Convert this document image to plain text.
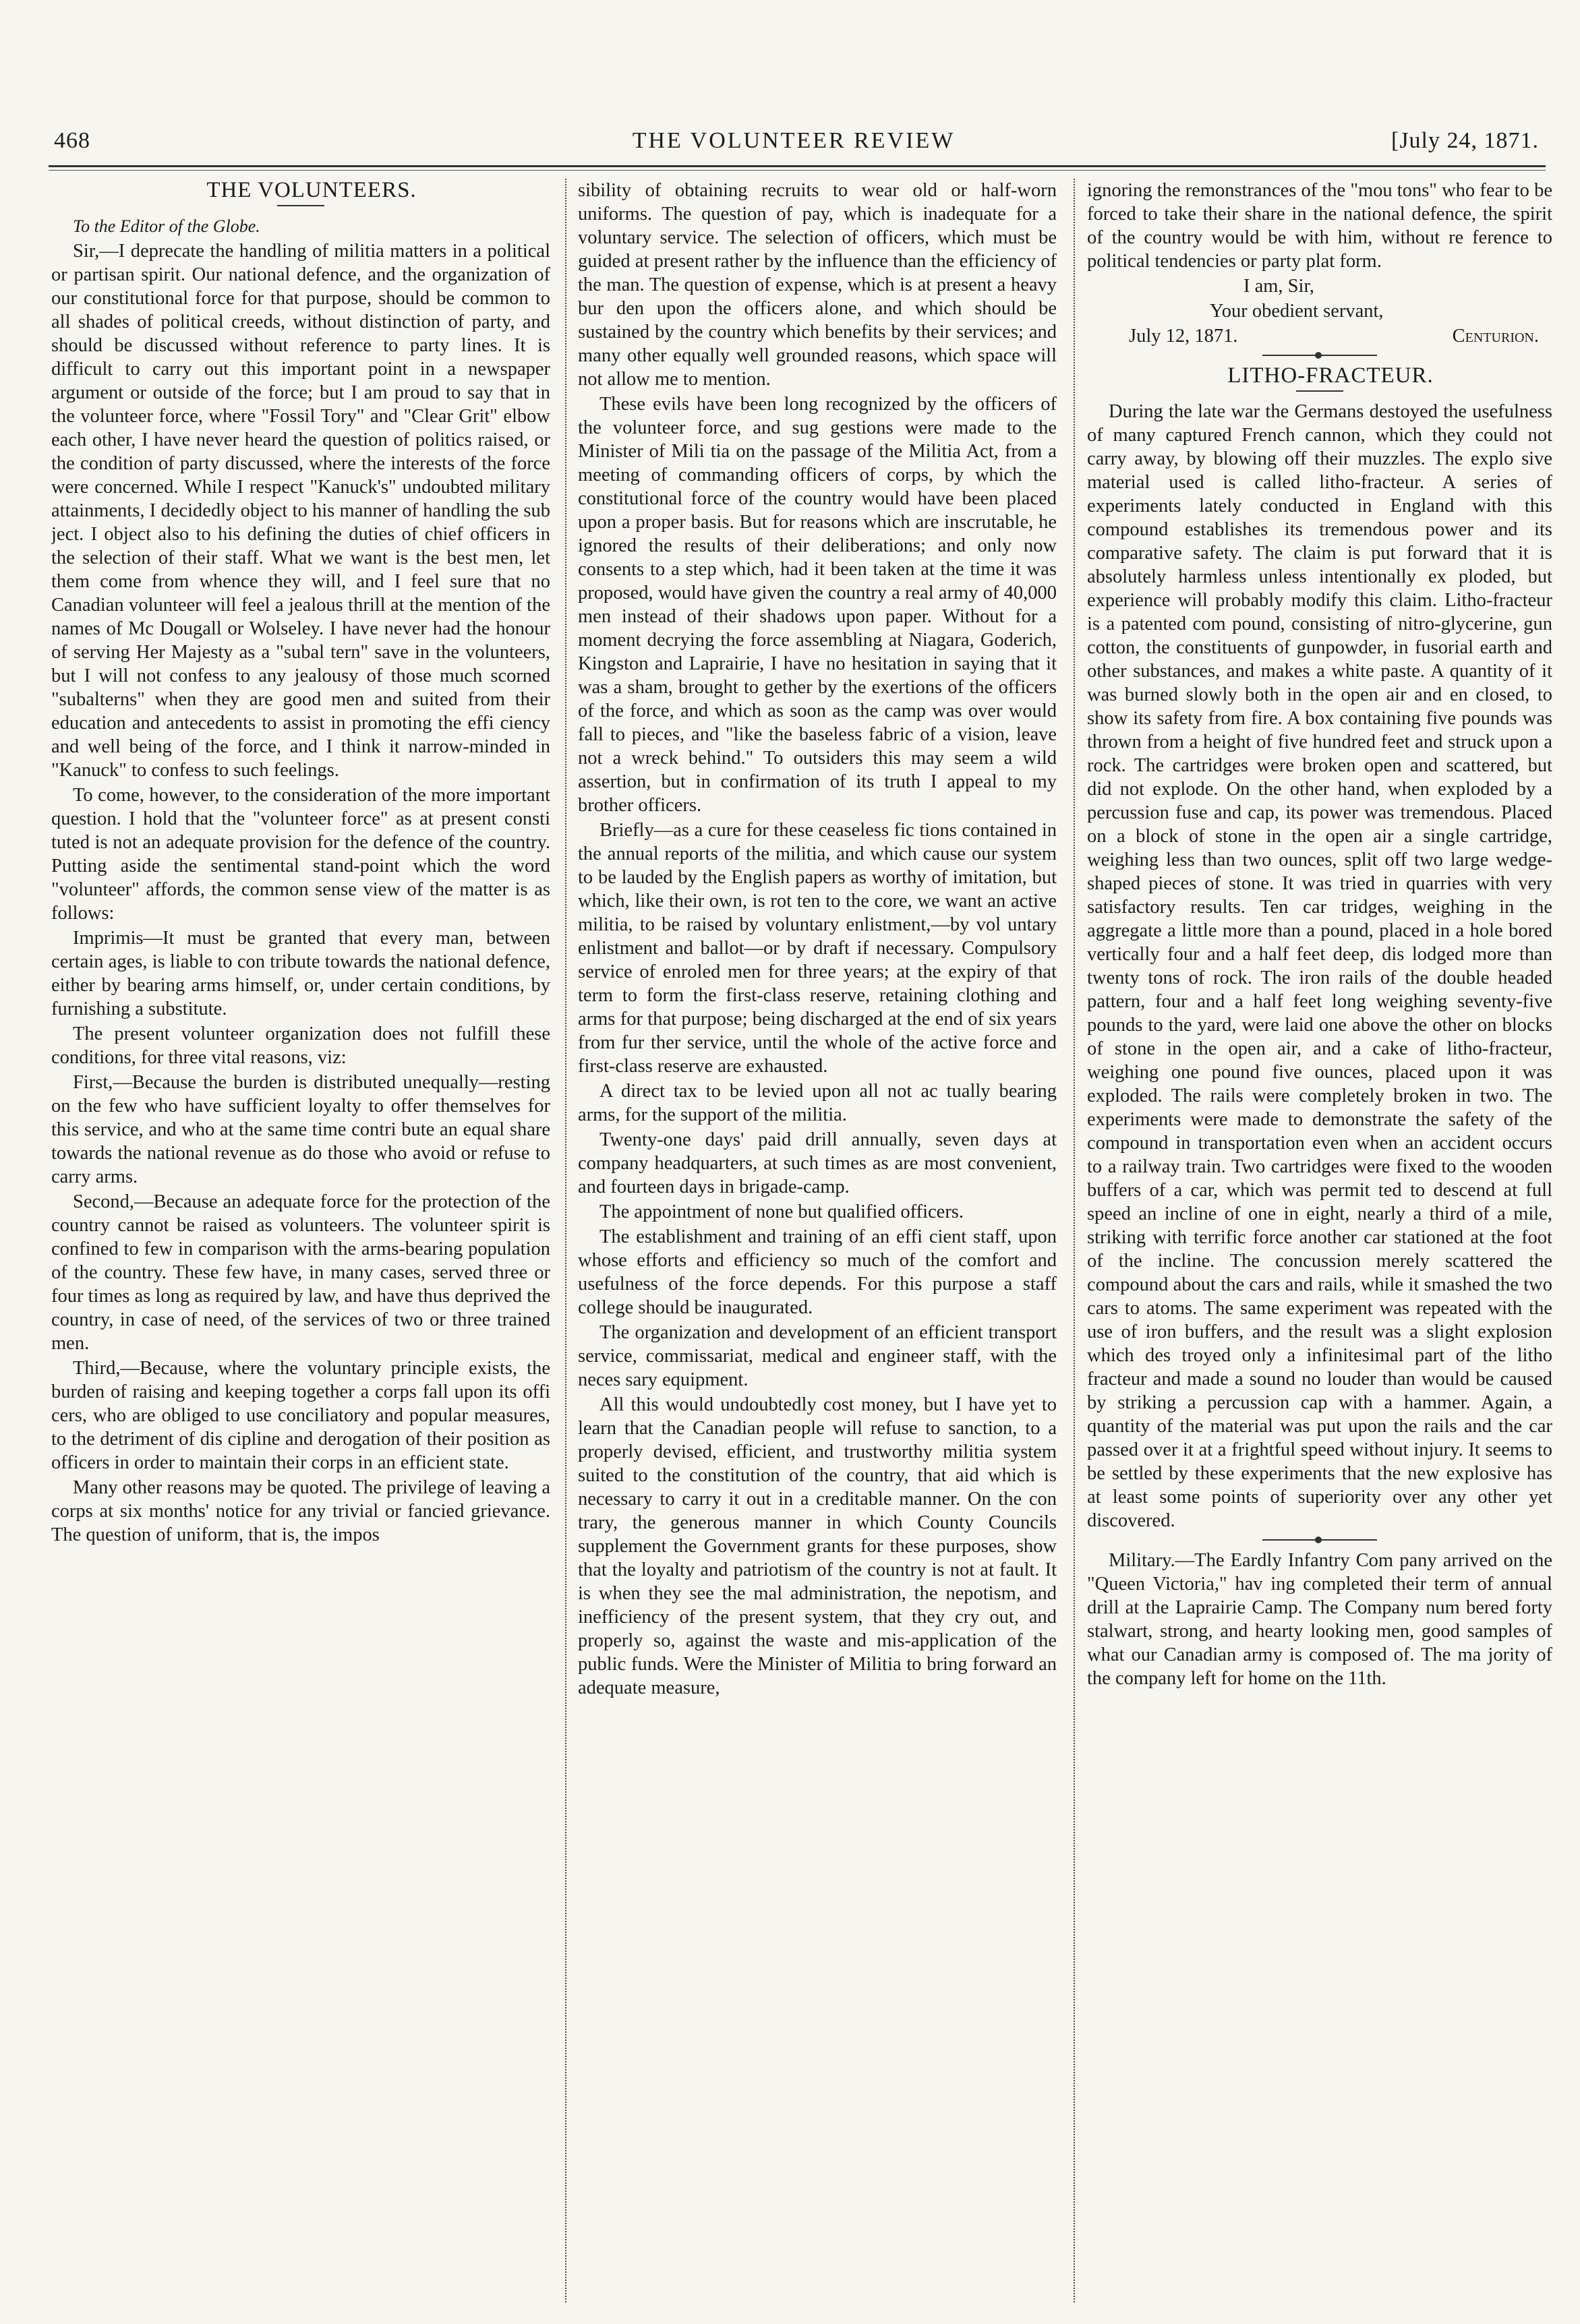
468	THE VOLUNTEER REVIEW	[July 24, 1871.

THE VOLUNTEERS.

To the Editor of the Globe.

Sir,—I deprecate the handling of militia matters in a political or partisan spirit. Our national defence, and the organization of our constitutional force for that purpose, should be common to all shades of political creeds, without distinction of party, and should be discussed without reference to party lines. It is difficult to carry out this important point in a newspaper argument or outside of the force; but I am proud to say that in the volunteer force, where "Fossil Tory" and "Clear Grit" elbow each other, I have never heard the question of politics raised, or the condition of party discussed, where the interests of the force were concerned. While I respect "Kanuck's" undoubted military attainments, I decidedly object to his manner of handling the sub ject. I object also to his defining the duties of chief officers in the selection of their staff. What we want is the best men, let them come from whence they will, and I feel sure that no Canadian volunteer will feel a jealous thrill at the mention of the names of Mc Dougall or Wolseley. I have never had the honour of serving Her Majesty as a "subal tern" save in the volunteers, but I will not confess to any jealousy of those much scorned "subalterns" when they are good men and suited from their education and antecedents to assist in promoting the effi ciency and well being of the force, and I think it narrow-minded in "Kanuck" to confess to such feelings.

To come, however, to the consideration of the more important question. I hold that the "volunteer force" as at present consti tuted is not an adequate provision for the defence of the country. Putting aside the sentimental stand-point which the word "volunteer" affords, the common sense view of the matter is as follows:

Imprimis—It must be granted that every man, between certain ages, is liable to con tribute towards the national defence, either by bearing arms himself, or, under certain conditions, by furnishing a substitute.

The present volunteer organization does not fulfill these conditions, for three vital reasons, viz:

First,—Because the burden is distributed unequally—resting on the few who have sufficient loyalty to offer themselves for this service, and who at the same time contri bute an equal share towards the national revenue as do those who avoid or refuse to carry arms.

Second,—Because an adequate force for the protection of the country cannot be raised as volunteers. The volunteer spirit is confined to few in comparison with the arms-bearing population of the country. These few have, in many cases, served three or four times as long as required by law, and have thus deprived the country, in case of need, of the services of two or three trained men.

Third,—Because, where the voluntary principle exists, the burden of raising and keeping together a corps fall upon its offi cers, who are obliged to use conciliatory and popular measures, to the detriment of dis cipline and derogation of their position as officers in order to maintain their corps in an efficient state.

Many other reasons may be quoted. The privilege of leaving a corps at six months' notice for any trivial or fancied grievance. The question of uniform, that is, the impos

sibility of obtaining recruits to wear old or half-worn uniforms. The question of pay, which is inadequate for a voluntary service. The selection of officers, which must be guided at present rather by the influence than the efficiency of the man. The question of expense, which is at present a heavy bur den upon the officers alone, and which should be sustained by the country which benefits by their services; and many other equally well grounded reasons, which space will not allow me to mention.

These evils have been long recognized by the officers of the volunteer force, and sug gestions were made to the Minister of Mili tia on the passage of the Militia Act, from a meeting of commanding officers of corps, by which the constitutional force of the country would have been placed upon a proper basis. But for reasons which are inscrutable, he ignored the results of their deliberations; and only now consents to a step which, had it been taken at the time it was proposed, would have given the country a real army of 40,000 men instead of their shadows upon paper. Without for a moment decrying the force assembling at Niagara, Goderich, Kingston and Laprairie, I have no hesitation in saying that it was a sham, brought to gether by the exertions of the officers of the force, and which as soon as the camp was over would fall to pieces, and "like the baseless fabric of a vision, leave not a wreck behind." To outsiders this may seem a wild assertion, but in confirmation of its truth I appeal to my brother officers.

Briefly—as a cure for these ceaseless fic tions contained in the annual reports of the militia, and which cause our system to be lauded by the English papers as worthy of imitation, but which, like their own, is rot ten to the core, we want an active militia, to be raised by voluntary enlistment,—by vol untary enlistment and ballot—or by draft if necessary. Compulsory service of enroled men for three years; at the expiry of that term to form the first-class reserve, retaining clothing and arms for that purpose; being discharged at the end of six years from fur ther service, until the whole of the active force and first-class reserve are exhausted.

A direct tax to be levied upon all not ac tually bearing arms, for the support of the militia.

Twenty-one days' paid drill annually, seven days at company headquarters, at such times as are most convenient, and fourteen days in brigade-camp.

The appointment of none but qualified officers.

The establishment and training of an effi cient staff, upon whose efforts and efficiency so much of the comfort and usefulness of the force depends. For this purpose a staff college should be inaugurated.

The organization and development of an efficient transport service, commissariat, medical and engineer staff, with the neces sary equipment.

All this would undoubtedly cost money, but I have yet to learn that the Canadian people will refuse to sanction, to a properly devised, efficient, and trustworthy militia system suited to the constitution of the country, that aid which is necessary to carry it out in a creditable manner. On the con trary, the generous manner in which County Councils supplement the Government grants for these purposes, show that the loyalty and patriotism of the country is not at fault. It is when they see the mal administration, the nepotism, and inefficiency of the present system, that they cry out, and properly so, against the waste and mis-application of the public funds. Were the Minister of Militia to bring forward an adequate measure,

ignoring the remonstrances of the "mou tons" who fear to be forced to take their share in the national defence, the spirit of the country would be with him, without re ference to political tendencies or party plat form.

I am, Sir,

Your obedient servant,

July 12, 1871.	Centurion.

LITHO-FRACTEUR.

During the late war the Germans destoyed the usefulness of many captured French cannon, which they could not carry away, by blowing off their muzzles. The explo sive material used is called litho-fracteur. A series of experiments lately conducted in England with this compound establishes its tremendous power and its comparative safety. The claim is put forward that it is absolutely harmless unless intentionally ex ploded, but experience will probably modify this claim. Litho-fracteur is a patented com pound, consisting of nitro-glycerine, gun cotton, the constituents of gunpowder, in fusorial earth and other substances, and makes a white paste. A quantity of it was burned slowly both in the open air and en closed, to show its safety from fire. A box containing five pounds was thrown from a height of five hundred feet and struck upon a rock. The cartridges were broken open and scattered, but did not explode. On the other hand, when exploded by a percussion fuse and cap, its power was tremendous. Placed on a block of stone in the open air a single cartridge, weighing less than two ounces, split off two large wedge-shaped pieces of stone. It was tried in quarries with very satisfactory results. Ten car tridges, weighing in the aggregate a little more than a pound, placed in a hole bored vertically four and a half feet deep, dis lodged more than twenty tons of rock. The iron rails of the double headed pattern, four and a half feet long weighing seventy-five pounds to the yard, were laid one above the other on blocks of stone in the open air, and a cake of litho-fracteur, weighing one pound five ounces, placed upon it was exploded. The rails were completely broken in two. The experiments were made to demonstrate the safety of the compound in transportation even when an accident occurs to a railway train. Two cartridges were fixed to the wooden buffers of a car, which was permit ted to descend at full speed an incline of one in eight, nearly a third of a mile, striking with terrific force another car stationed at the foot of the incline. The concussion merely scattered the compound about the cars and rails, while it smashed the two cars to atoms. The same experiment was repeated with the use of iron buffers, and the result was a slight explosion which des troyed only a infinitesimal part of the litho fracteur and made a sound no louder than would be caused by striking a percussion cap with a hammer. Again, a quantity of the material was put upon the rails and the car passed over it at a frightful speed without injury. It seems to be settled by these experiments that the new explosive has at least some points of superiority over any other yet discovered.

Military.—The Eardly Infantry Com pany arrived on the "Queen Victoria," hav ing completed their term of annual drill at the Laprairie Camp. The Company num bered forty stalwart, strong, and hearty looking men, good samples of what our Canadian army is composed of. The ma jority of the company left for home on the 11th.
